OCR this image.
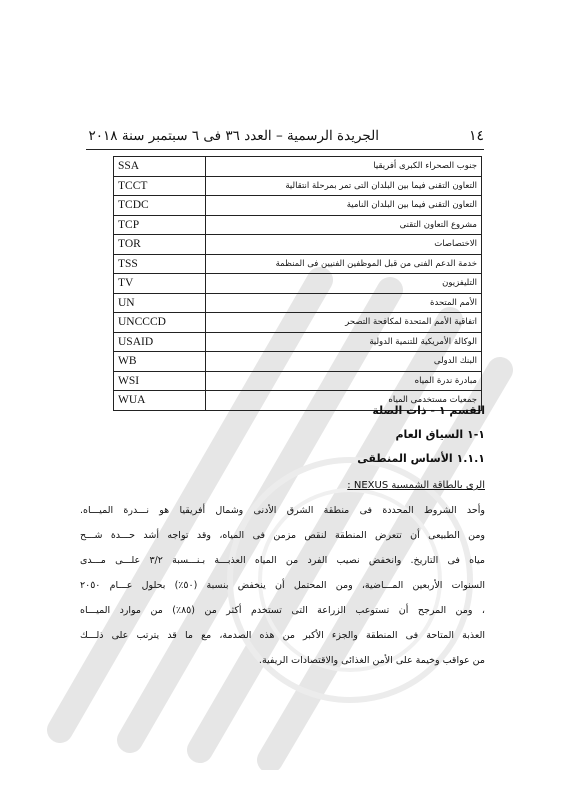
١٤
الجريدة الرسمية – العدد ٣٦ فى ٦ سبتمبر سنة ٢٠١٨
SSA	جنوب الصحراء الكبرى أفريقيا
TCCT	التعاون التقنى فيما بين البلدان التى تمر بمرحلة انتقالية
TCDC	التعاون التقنى فيما بين البلدان النامية
TCP	مشروع التعاون التقنى
TOR	الاختصاصات
TSS	خدمة الدعم الفنى من قبل الموظفين الفنيين فى المنظمة
TV	التليفزيون
UN	الأمم المتحدة
UNCCCD	اتفاقية الأمم المتحدة لمكافحة التصحر
USAID	الوكالة الأمريكية للتنمية الدولية
WB	البنك الدولى
WSI	مبادرة ندرة المياه
WUA	جمعيات مستخدمى المياه
القسم ١ - ذات الصلة
١-١ السياق العام
١.١.١ الأساس المنطقى
الرى بالطاقة الشمسية NEXUS :
وأحد الشروط المحددة فى منطقة الشرق الأدنى وشمال أفريقيا هو نـــدرة الميـــاه.
ومن الطبيعى أن تتعرض المنطقة لنقص مزمن فى المياه، وقد تواجه أشد حـــدة شـــح
مياه فى التاريخ. وانخفض نصيب الفرد من المياه العذبـــة بـنـــسبة ٣/٢ علـــى مـــدى
السنوات الأربعين المـــاضية، ومن المحتمل أن ينخفض بنسبة (٥٠٪) بحلول عـــام ٢٠٥٠
، ومن المرجح أن تستوعب الزراعة التى تستخدم أكثر من (٨٥٪) من موارد الميـــاه
العذبة المتاحة فى المنطقة والجزء الأكبر من هذه الصدمة، مع ما قد يترتب على ذلـــك
من عواقب وخيمة على الأمن الغذائى والاقتصادات الريفية.
